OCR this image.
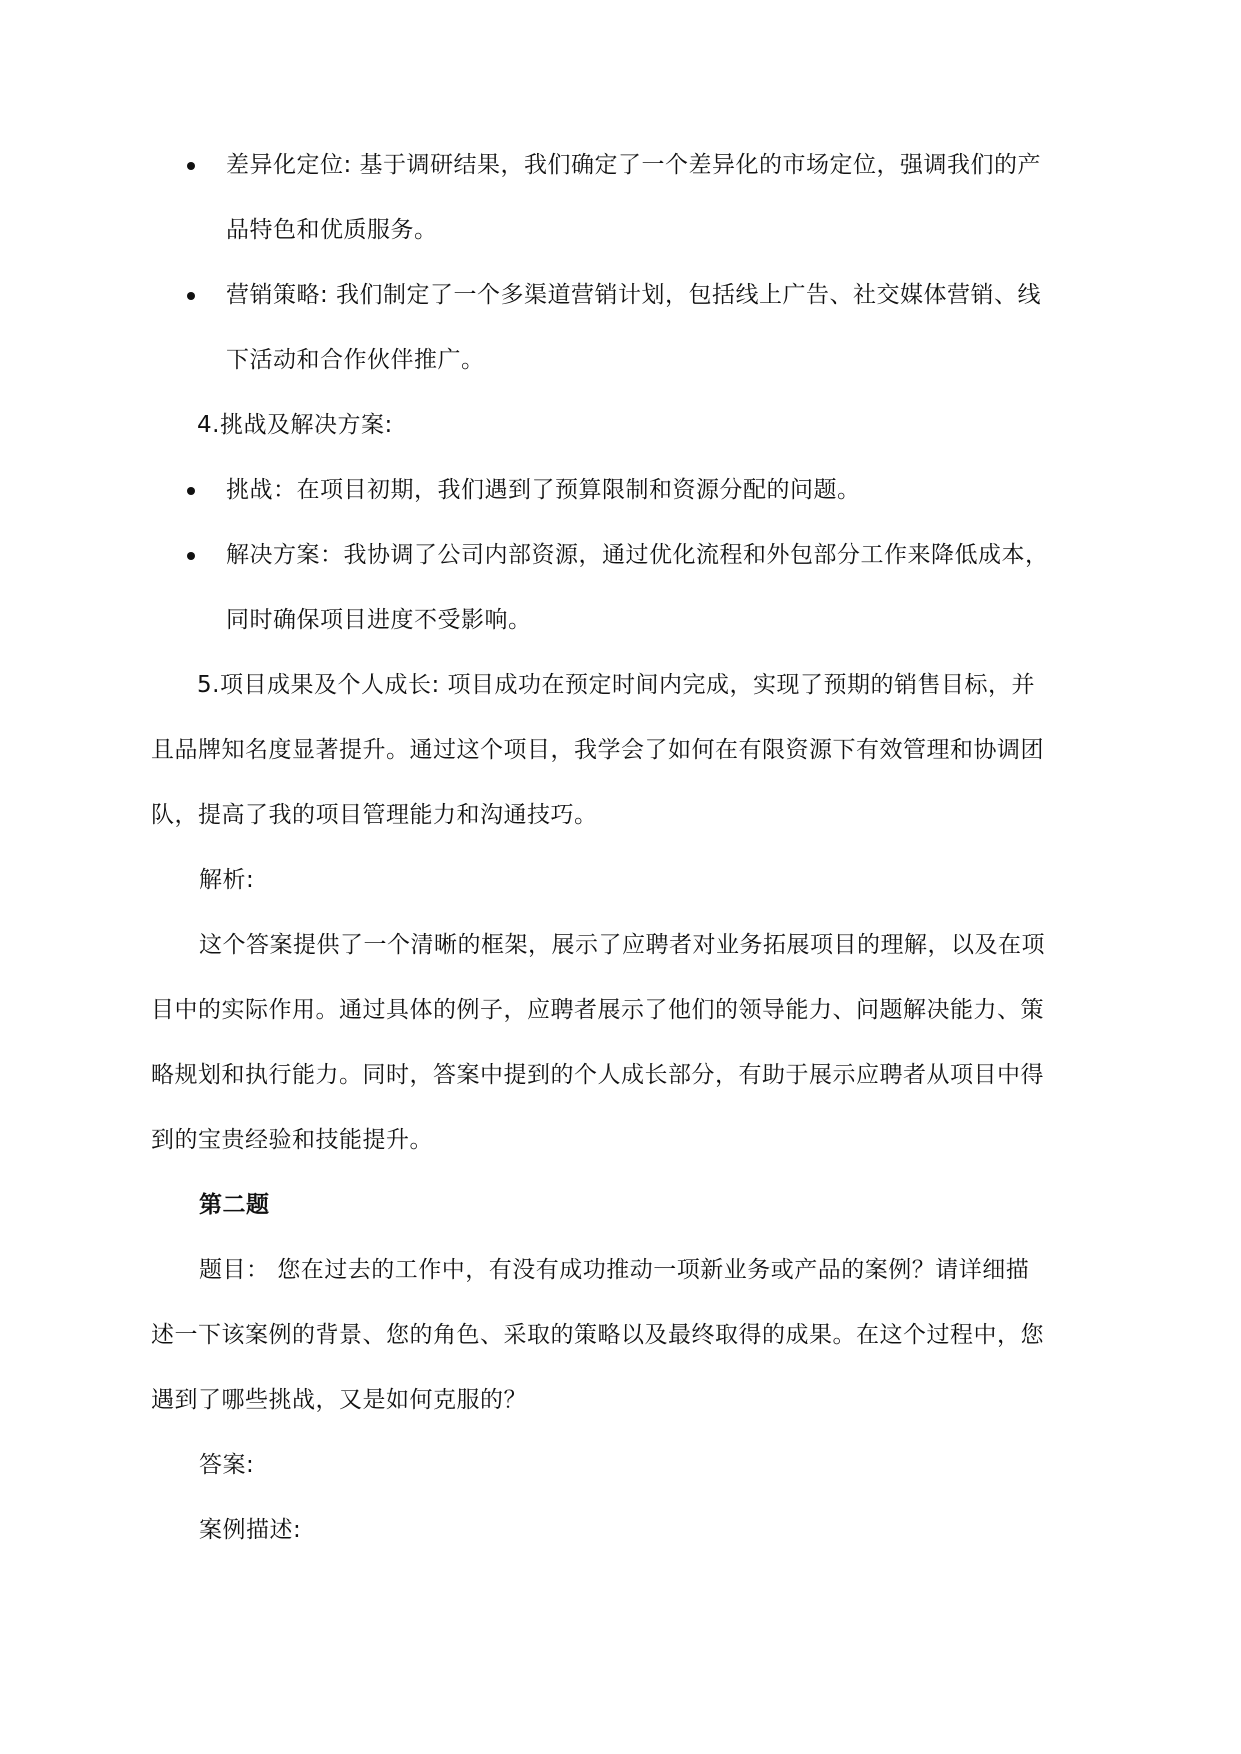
差异化定位: 基于调研结果，我们确定了一个差异化的市场定位，强调我们的产
品特色和优质服务。
营销策略: 我们制定了一个多渠道营销计划，包括线上广告、社交媒体营销、线
下活动和合作伙伴推广。
4.挑战及解决方案:
挑战：在项目初期，我们遇到了预算限制和资源分配的问题。
解决方案：我协调了公司内部资源，通过优化流程和外包部分工作来降低成本，
同时确保项目进度不受影响。
5.项目成果及个人成长: 项目成功在预定时间内完成，实现了预期的销售目标，并
且品牌知名度显著提升。通过这个项目，我学会了如何在有限资源下有效管理和协调团
队，提高了我的项目管理能力和沟通技巧。
解析:
这个答案提供了一个清晰的框架，展示了应聘者对业务拓展项目的理解，以及在项
目中的实际作用。通过具体的例子，应聘者展示了他们的领导能力、问题解决能力、策
略规划和执行能力。同时，答案中提到的个人成长部分，有助于展示应聘者从项目中得
到的宝贵经验和技能提升。
第二题
题目： 您在过去的工作中，有没有成功推动一项新业务或产品的案例？请详细描
述一下该案例的背景、您的角色、采取的策略以及最终取得的成果。在这个过程中，您
遇到了哪些挑战，又是如何克服的？
答案:
案例描述:
